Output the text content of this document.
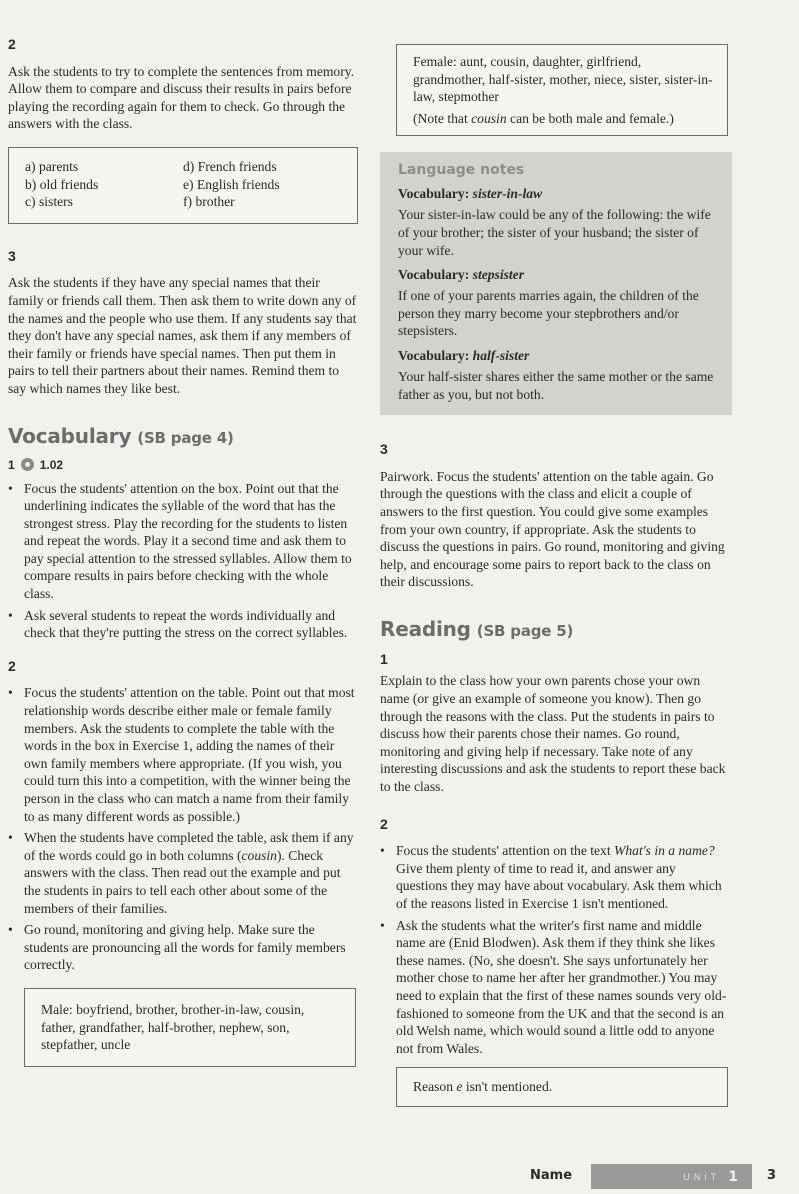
2

Ask the students to try to complete the sentences from memory. Allow them to compare and discuss their results in pairs before playing the recording again for them to check. Go through the answers with the class.

a) parents
b) old friends
c) sisters
d) French friends
e) English friends
f) brother

3

Ask the students if they have any special names that their family or friends call them. Then ask them to write down any of the names and the people who use them. If any students say that they don't have any special names, ask them if any members of their family or friends have special names. Then put them in pairs to tell their partners about their names. Remind them to say which names they like best.

Vocabulary (SB page 4)
1 1.02
• Focus the students' attention on the box. Point out that the underlining indicates the syllable of the word that has the strongest stress. Play the recording for the students to listen and repeat the words. Play it a second time and ask them to pay special attention to the stressed syllables. Allow them to compare results in pairs before checking with the whole class.
• Ask several students to repeat the words individually and check that they're putting the stress on the correct syllables.

2

• Focus the students' attention on the table. Point out that most relationship words describe either male or female family members. Ask the students to complete the table with the words in the box in Exercise 1, adding the names of their own family members where appropriate. (If you wish, you could turn this into a competition, with the winner being the person in the class who can match a name from their family to as many different words as possible.)
• When the students have completed the table, ask them if any of the words could go in both columns (cousin). Check answers with the class. Then read out the example and put the students in pairs to tell each other about some of the members of their families.
• Go round, monitoring and giving help. Make sure the students are pronouncing all the words for family members correctly.
Male: boyfriend, brother, brother-in-law, cousin, father, grandfather, half-brother, nephew, son, stepfather, uncle
Female: aunt, cousin, daughter, girlfriend, grandmother, half-sister, mother, niece, sister, sister-in-law, stepmother
(Note that cousin can be both male and female.)
Language notes
Vocabulary: sister-in-law

Your sister-in-law could be any of the following: the wife of your brother; the sister of your husband; the sister of your wife.

Vocabulary: stepsister

If one of your parents marries again, the children of the person they marry become your stepbrothers and/or stepsisters.

Vocabulary: half-sister

Your half-sister shares either the same mother or the same father as you, but not both.

3

Pairwork. Focus the students' attention on the table again. Go through the questions with the class and elicit a couple of answers to the first question. You could give some examples from your own country, if appropriate. Ask the students to discuss the questions in pairs. Go round, monitoring and giving help, and encourage some pairs to report back to the class on their discussions.

Reading (SB page 5)

1

Explain to the class how your own parents chose your own name (or give an example of someone you know). Then go through the reasons with the class. Put the students in pairs to discuss how their parents chose their names. Go round, monitoring and giving help if necessary. Take note of any interesting discussions and ask the students to report these back to the class.

2

• Focus the students' attention on the text What's in a name? Give them plenty of time to read it, and answer any questions they may have about vocabulary. Ask them which of the reasons listed in Exercise 1 isn't mentioned.
• Ask the students what the writer's first name and middle name are (Enid Blodwen). Ask them if they think she likes these names. (No, she doesn't. She says unfortunately her mother chose to name her after her grandmother.) You may need to explain that the first of these names sounds very old-fashioned to someone from the UK and that the second is an old Welsh name, which would sound a little odd to anyone not from Wales.
Reason e isn't mentioned.
Name	UNIT 1 3
